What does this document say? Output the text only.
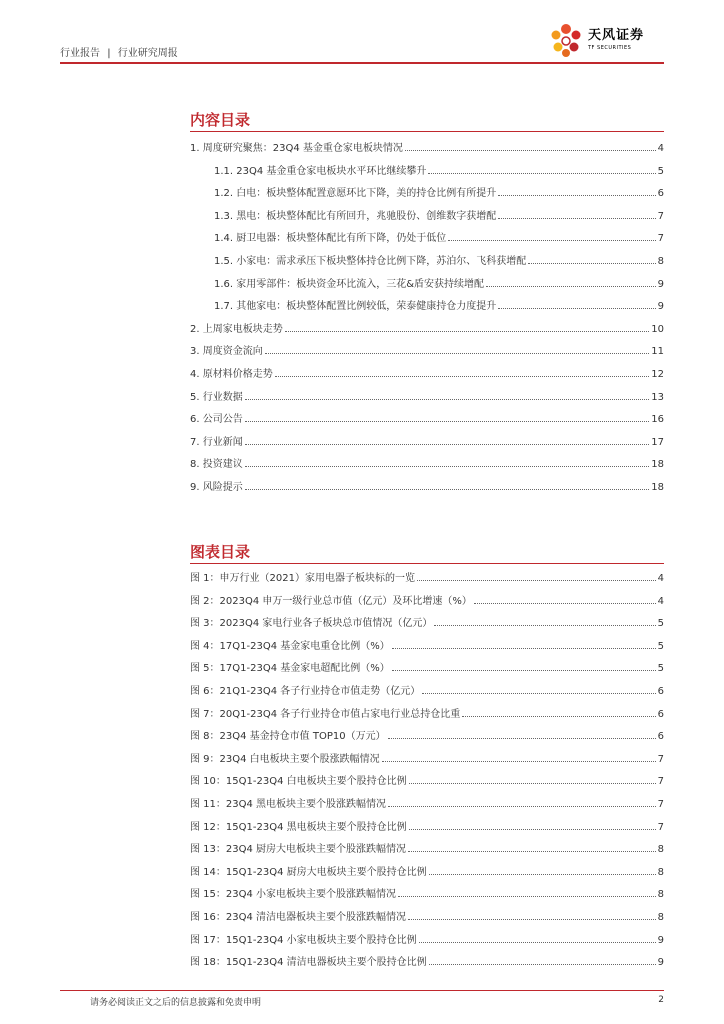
行业报告 | 行业研究周报
天风证券
TF SECURITIES
内容目录
1. 周度研究聚焦：23Q4 基金重仓家电板块情况	4
1.1. 23Q4 基金重仓家电板块水平环比继续攀升	5
1.2. 白电：板块整体配置意愿环比下降，美的持仓比例有所提升	6
1.3. 黑电：板块整体配比有所回升，兆驰股份、创维数字获增配	7
1.4. 厨卫电器：板块整体配比有所下降，仍处于低位	7
1.5. 小家电：需求承压下板块整体持仓比例下降，苏泊尔、飞科获增配	8
1.6. 家用零部件：板块资金环比流入，三花&盾安获持续增配	9
1.7. 其他家电：板块整体配置比例较低，荣泰健康持仓力度提升	9
2. 上周家电板块走势	10
3. 周度资金流向	11
4. 原材料价格走势	12
5. 行业数据	13
6. 公司公告	16
7. 行业新闻	17
8. 投资建议	18
9. 风险提示	18
图表目录
图 1：申万行业（2021）家用电器子板块标的一览	4
图 2：2023Q4 申万一级行业总市值（亿元）及环比增速（%）	4
图 3：2023Q4 家电行业各子板块总市值情况（亿元）	5
图 4：17Q1-23Q4 基金家电重仓比例（%）	5
图 5：17Q1-23Q4 基金家电超配比例（%）	5
图 6：21Q1-23Q4 各子行业持仓市值走势（亿元）	6
图 7：20Q1-23Q4 各子行业持仓市值占家电行业总持仓比重	6
图 8：23Q4 基金持仓市值 TOP10（万元）	6
图 9：23Q4 白电板块主要个股涨跌幅情况	7
图 10：15Q1-23Q4 白电板块主要个股持仓比例	7
图 11：23Q4 黑电板块主要个股涨跌幅情况	7
图 12：15Q1-23Q4 黑电板块主要个股持仓比例	7
图 13：23Q4 厨房大电板块主要个股涨跌幅情况	8
图 14：15Q1-23Q4 厨房大电板块主要个股持仓比例	8
图 15：23Q4 小家电板块主要个股涨跌幅情况	8
图 16：23Q4 清洁电器板块主要个股涨跌幅情况	8
图 17：15Q1-23Q4 小家电板块主要个股持仓比例	9
图 18：15Q1-23Q4 清洁电器板块主要个股持仓比例	9
请务必阅读正文之后的信息披露和免责申明	2
